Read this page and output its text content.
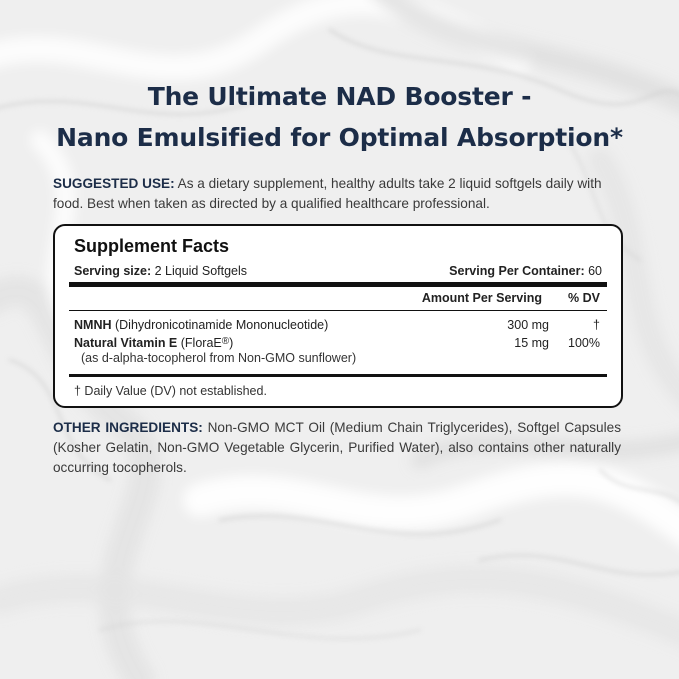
The Ultimate NAD Booster -
Nano Emulsified for Optimal Absorption*
SUGGESTED USE: As a dietary supplement, healthy adults take 2 liquid softgels daily with food. Best when taken as directed by a qualified healthcare professional.
Supplement Facts
Serving size: 2 Liquid Softgels	Serving Per Container: 60
Amount Per Serving % DV
NMNH (Dihydronicotinamide Mononucleotide)	300 mg	†
Natural Vitamin E (FloraE®)	15 mg 100%
(as d-alpha-tocopherol from Non-GMO sunflower)
† Daily Value (DV) not established.
OTHER INGREDIENTS: Non-GMO MCT Oil (Medium Chain Triglycerides), Softgel Capsules (Kosher Gelatin, Non-GMO Vegetable Glycerin, Purified Water), also contains other naturally occurring tocopherols.
